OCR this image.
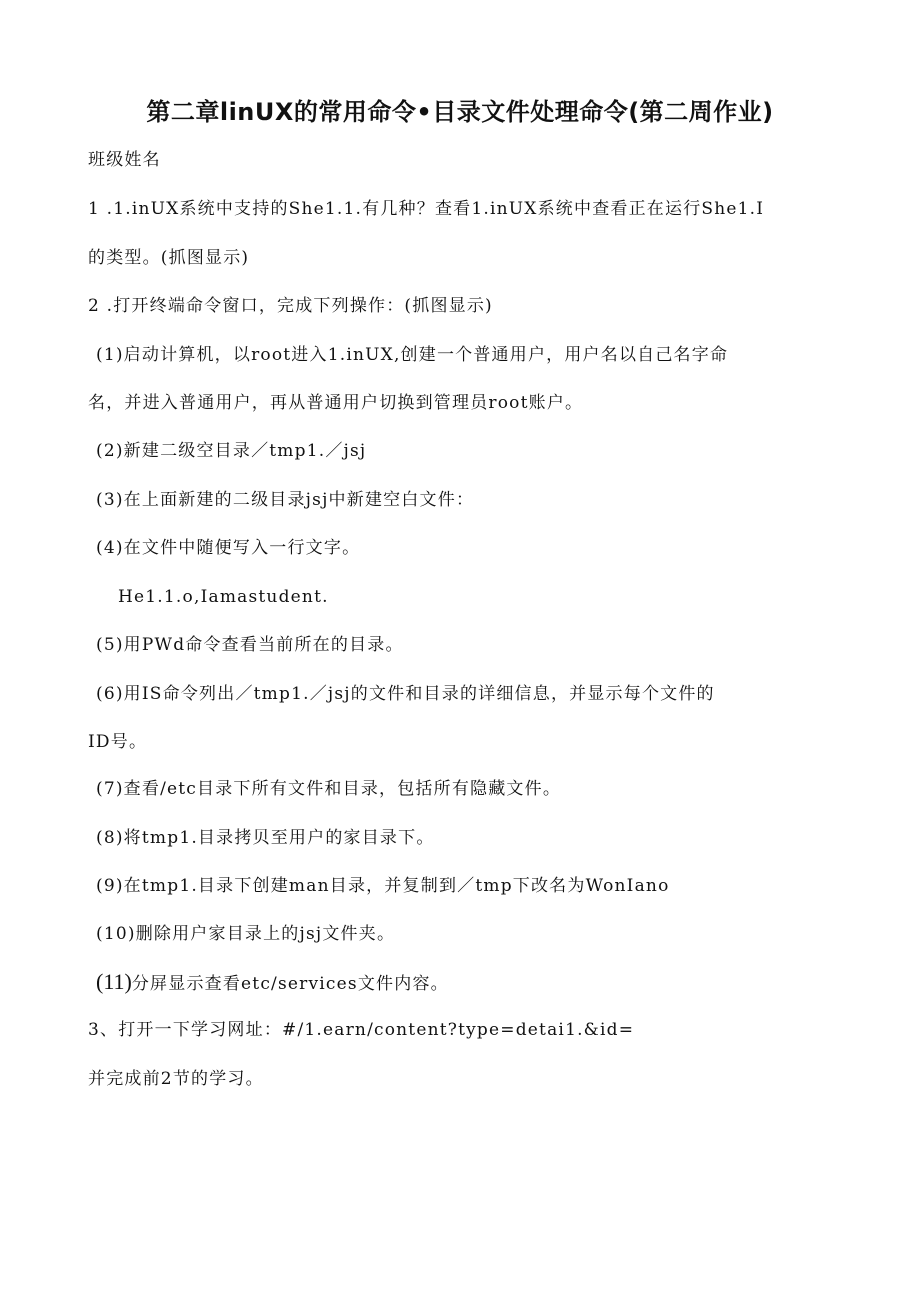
第二章linUX的常用命令•目录文件处理命令(第二周作业)
班级姓名
1 .1.inUX系统中支持的She1.1.有几种？查看1.inUX系统中查看正在运行She1.I
的类型。(抓图显示)
2 .打开终端命令窗口，完成下列操作：(抓图显示)
(1)启动计算机，以root进入1.inUX,创建一个普通用户，用户名以自己名字命
名，并进入普通用户，再从普通用户切换到管理员root账户。
(2)新建二级空目录／tmp1.／jsj
(3)在上面新建的二级目录jsj中新建空白文件：
(4)在文件中随便写入一行文字。
He1.1.o,Iamastudent.
(5)用PWd命令查看当前所在的目录。
(6)用IS命令列出／tmp1.／jsj的文件和目录的详细信息，并显示每个文件的
ID号。
(7)查看/etc目录下所有文件和目录，包括所有隐藏文件。
(8)将tmp1.目录拷贝至用户的家目录下。
(9)在tmp1.目录下创建man目录，并复制到／tmp下改名为WonIano
(10)删除用户家目录上的jsj文件夹。
(11)分屏显示查看etc/services文件内容。
3、打开一下学习网址：#/1.earn/content?type=detai1.&id=
并完成前2节的学习。
